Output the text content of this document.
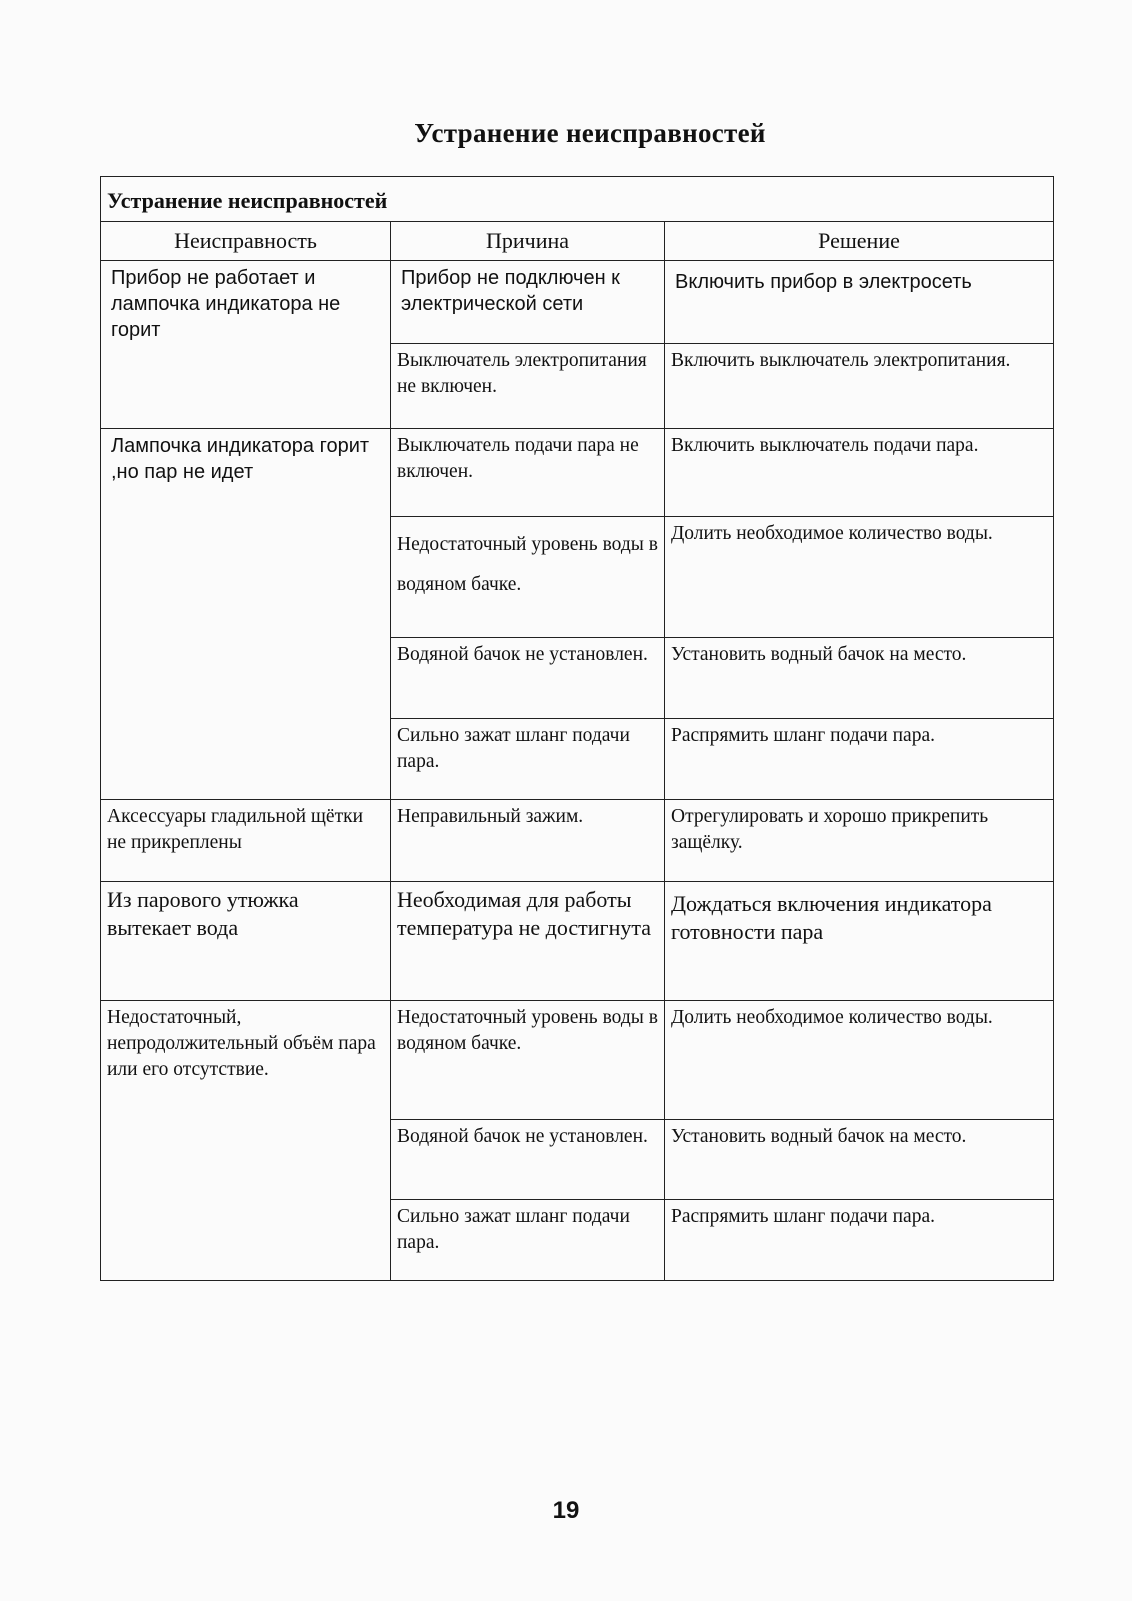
Устранение неисправностей
Устранение неисправностей		
Неисправность	Причина	Решение
Прибор не работает и лампочка индикатора не горит	Прибор не подключен к электрической сети	Включить прибор в электросеть
	Выключатель электропитания не включен.	Включить выключатель электропитания.
Лампочка индикатора горит ,но пар не идет	Выключатель подачи пара не включен.	Включить выключатель подачи пара.
	Недостаточный уровень воды в водяном бачке.	Долить необходимое количество воды.
	Водяной бачок не установлен.	Установить водный бачок на место.
	Сильно зажат шланг подачи пара.	Распрямить шланг подачи пара.
Аксессуары гладильной щётки не прикреплены	Неправильный зажим.	Отрегулировать и хорошо прикрепить защёлку.
Из парового утюжка вытекает вода	Необходимая для работы температура не достигнута	Дождаться включения индикатора готовности пара
Недостаточный, непродолжительный объём пара или его отсутствие.	Недостаточный уровень воды в водяном бачке.	Долить необходимое количество воды.
	Водяной бачок не установлен.	Установить водный бачок на место.
	Сильно зажат шланг подачи пара.	Распрямить шланг подачи пара.
19
